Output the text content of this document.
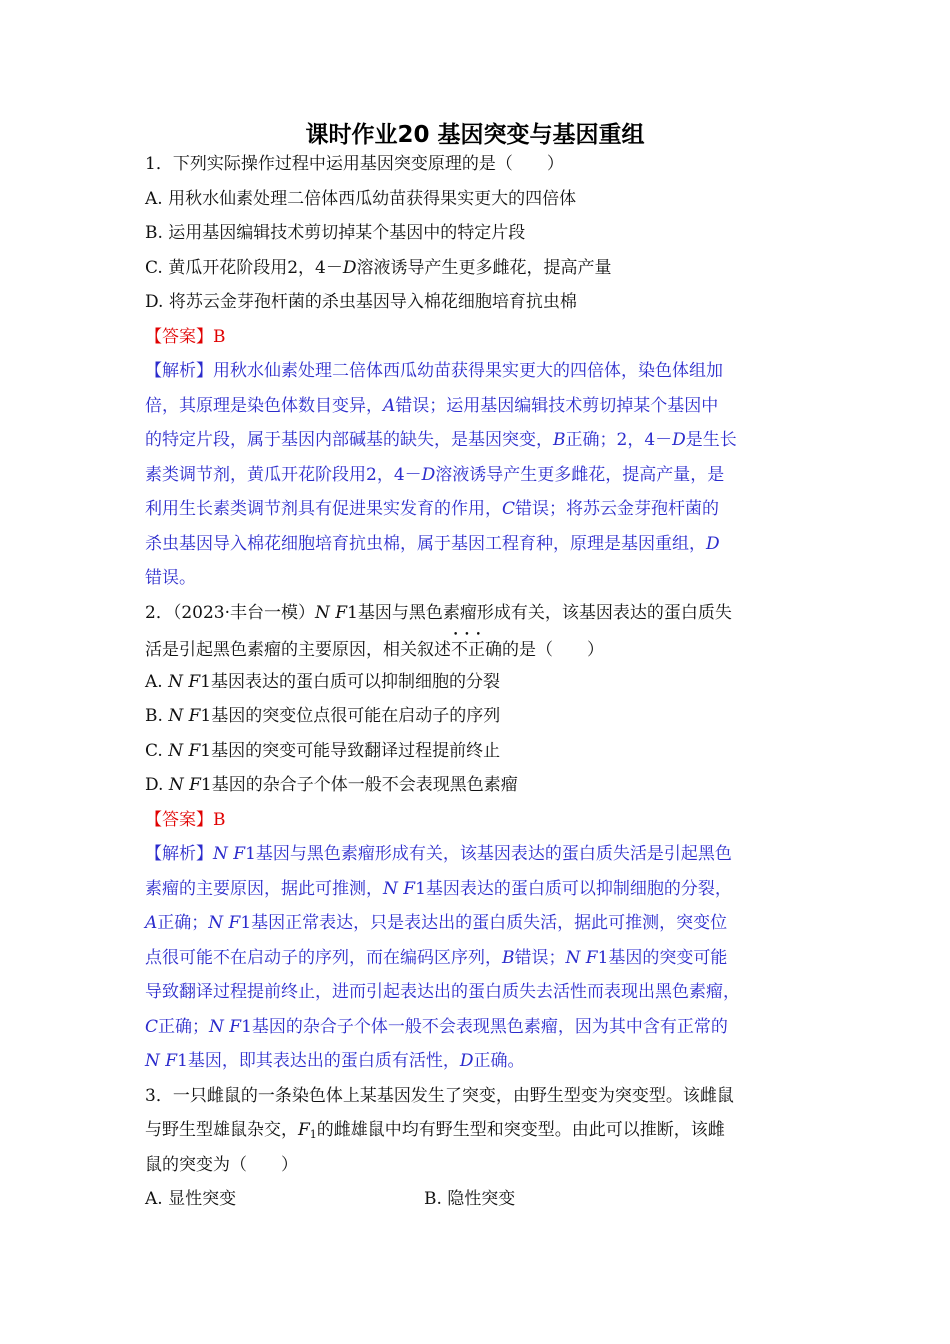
课时作业20 基因突变与基因重组
1．下列实际操作过程中运用基因突变原理的是（　　）
A. 用秋水仙素处理二倍体西瓜幼苗获得果实更大的四倍体
B. 运用基因编辑技术剪切掉某个基因中的特定片段
C. 黄瓜开花阶段用2，4－D溶液诱导产生更多雌花，提高产量
D. 将苏云金芽孢杆菌的杀虫基因导入棉花细胞培育抗虫棉
【答案】B
【解析】用秋水仙素处理二倍体西瓜幼苗获得果实更大的四倍体，染色体组加
倍，其原理是染色体数目变异，A错误；运用基因编辑技术剪切掉某个基因中
的特定片段，属于基因内部碱基的缺失，是基因突变，B正确；2，4－D是生长
素类调节剂，黄瓜开花阶段用2，4－D溶液诱导产生更多雌花，提高产量，是
利用生长素类调节剂具有促进果实发育的作用，C错误；将苏云金芽孢杆菌的
杀虫基因导入棉花细胞培育抗虫棉，属于基因工程育种，原理是基因重组，D
错误。
2．（2023·丰台一模）N F1基因与黑色素瘤形成有关，该基因表达的蛋白质失
活是引起黑色素瘤的主要原因，相关叙述••• 不正确的是（　　）
A. N F1基因表达的蛋白质可以抑制细胞的分裂
B. N F1基因的突变位点很可能在启动子的序列
C. N F1基因的突变可能导致翻译过程提前终止
D. N F1基因的杂合子个体一般不会表现黑色素瘤
【答案】B
【解析】N F1基因与黑色素瘤形成有关，该基因表达的蛋白质失活是引起黑色
素瘤的主要原因，据此可推测，N F1基因表达的蛋白质可以抑制细胞的分裂，
A正确；N F1基因正常表达，只是表达出的蛋白质失活，据此可推测，突变位
点很可能不在启动子的序列，而在编码区序列，B错误；N F1基因的突变可能
导致翻译过程提前终止，进而引起表达出的蛋白质失去活性而表现出黑色素瘤，
C正确；N F1基因的杂合子个体一般不会表现黑色素瘤，因为其中含有正常的
N F1基因，即其表达出的蛋白质有活性，D正确。
3．一只雌鼠的一条染色体上某基因发生了突变，由野生型变为突变型。该雌鼠
与野生型雄鼠杂交，$F_1$的雌雄鼠中均有野生型和突变型。由此可以推断，该雌
鼠的突变为（　　）
A. 显性突变	B. 隐性突变
